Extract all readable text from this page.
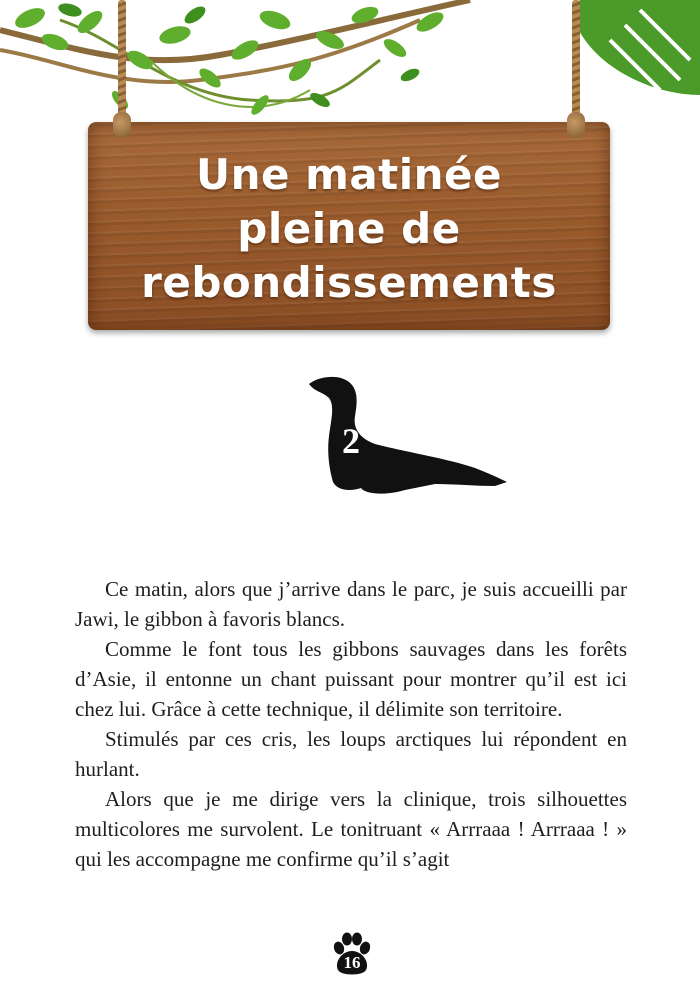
Une matinée
pleine de
rebondissements
2

Ce matin, alors que j’arrive dans le parc, je suis accueilli par Jawi, le gibbon à favoris blancs.

Comme le font tous les gibbons sauvages dans les forêts d’Asie, il entonne un chant puissant pour montrer qu’il est ici chez lui. Grâce à cette technique, il délimite son territoire.

Stimulés par ces cris, les loups arctiques lui répondent en hurlant.

Alors que je me dirige vers la clinique, trois silhouettes multicolores me survolent. Le tonitruant « Arrraaa ! Arrraaa ! » qui les accompagne me confirme qu’il s’agit

16
